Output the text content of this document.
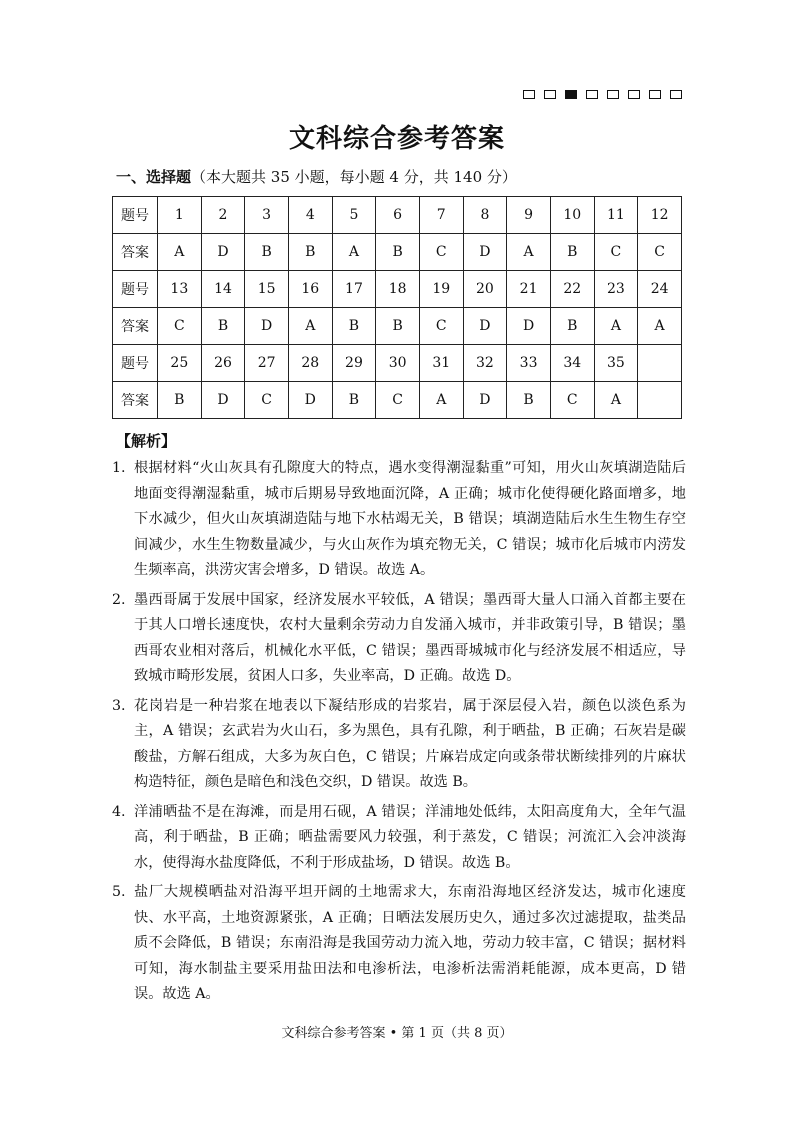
文科综合参考答案
一、选择题（本大题共 35 小题，每小题 4 分，共 140 分）
题号	1	2	3	4	5	6	7	8	9	10	11	12
答案	A	D	B	B	A	B	C	D	A	B	C	C
题号	13	14	15	16	17	18	19	20	21	22	23	24
答案	C	B	D	A	B	B	C	D	D	B	A	A
题号	25	26	27	28	29	30	31	32	33	34	35	
答案	B	D	C	D	B	C	A	D	B	C	A	
【解析】
1. 根据材料“火山灰具有孔隙度大的特点，遇水变得潮湿黏重”可知，用火山灰填湖造陆后地面变得潮湿黏重，城市后期易导致地面沉降，A 正确；城市化使得硬化路面增多，地下水减少，但火山灰填湖造陆与地下水枯竭无关，B 错误；填湖造陆后水生生物生存空间减少，水生生物数量减少，与火山灰作为填充物无关，C 错误；城市化后城市内涝发生频率高，洪涝灾害会增多，D 错误。故选 A。
2. 墨西哥属于发展中国家，经济发展水平较低，A 错误；墨西哥大量人口涌入首都主要在于其人口增长速度快，农村大量剩余劳动力自发涌入城市，并非政策引导，B 错误；墨西哥农业相对落后，机械化水平低，C 错误；墨西哥城城市化与经济发展不相适应，导致城市畸形发展，贫困人口多，失业率高，D 正确。故选 D。
3. 花岗岩是一种岩浆在地表以下凝结形成的岩浆岩，属于深层侵入岩，颜色以淡色系为主，A 错误；玄武岩为火山石，多为黑色，具有孔隙，利于晒盐，B 正确；石灰岩是碳酸盐，方解石组成，大多为灰白色，C 错误；片麻岩成定向或条带状断续排列的片麻状构造特征，颜色是暗色和浅色交织，D 错误。故选 B。
4. 洋浦晒盐不是在海滩，而是用石砚，A 错误；洋浦地处低纬，太阳高度角大，全年气温高，利于晒盐，B 正确；晒盐需要风力较强，利于蒸发，C 错误；河流汇入会冲淡海水，使得海水盐度降低，不利于形成盐场，D 错误。故选 B。
5. 盐厂大规模晒盐对沿海平坦开阔的土地需求大，东南沿海地区经济发达，城市化速度快、水平高，土地资源紧张，A 正确；日晒法发展历史久，通过多次过滤提取，盐类品质不会降低，B 错误；东南沿海是我国劳动力流入地，劳动力较丰富，C 错误；据材料可知，海水制盐主要采用盐田法和电渗析法，电渗析法需消耗能源，成本更高，D 错误。故选 A。
文科综合参考答案 • 第 1 页（共 8 页）
